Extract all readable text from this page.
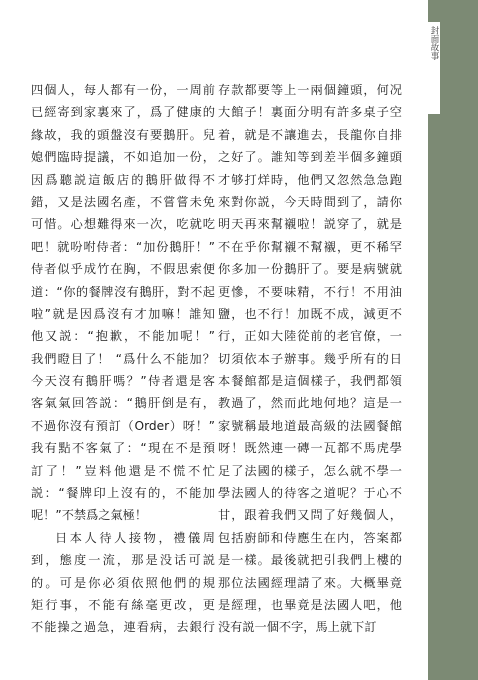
四個人，每人都有一份，一周前
已經寄到家裏來了，爲了健康的
緣故，我的頭盤沒有要鵝肝。兒
媳們臨時提議，不如追加一份，
因爲聽説這飯店的鵝肝做得不
錯，又是法國名產，不嘗嘗未免
可惜。心想難得來一次，吃就吃
吧！就吩咐侍者：“加份鵝肝！”
侍者似乎成竹在胸，不假思索便
道：“你的餐牌沒有鵝肝，對不起
啦”就是因爲沒有才加嘛！誰知
他又説：“抱歉，不能加呢！”
我們瞪目了！ “爲什么不能加？
今天沒有鵝肝嗎？”侍者還是客
客氣氣回答説：“鵝肝倒是有，
不過你沒有預訂（Order）呀！”
我有點不客氣了：“現在不是預
訂了！”豈料他還是不慌不忙
説：“餐牌印上沒有的，不能加
呢！”不禁爲之氣極！
日本人待人接物，禮儀周
到，態度一流，那是没话可説
的。可是你必須依照他們的規
矩行事，不能有絲毫更改，更
不能操之過急，連看病，去銀行
存款都要等上一兩個鐘頭，何况
大館子！裏面分明有許多桌子空
着，就是不讓進去，長龍你自排
之好了。誰知等到差半個多鐘頭
才够打烊時，他們又忽然急急跑
來對你説，今天時間到了，請你
明天再來幫襯啦！説穿了，就是
不在乎你幫襯不幫襯，更不稀罕
你多加一份鵝肝了。要是病號就
更慘，不要味精，不行！不用油
鹽，也不行！加既不成，減更不
行，正如大陸從前的老官僚，一
切須依本子辦事。幾乎所有的日
本餐館都是這個樣子，我們都領
教過了，然而此地何地？這是一
家號稱最地道最高級的法國餐館
呀！既然連一磚一瓦都不馬虎學
足了法國的樣子，怎么就不學一
學法國人的待客之道呢？于心不
甘，跟着我們又問了好幾個人，
包括廚師和侍應生在内，答案都
是一樣。最後就把引我們上樓的
那位法國經理請了來。大概畢竟
是經理，也畢竟是法國人吧，他
没有説一個不字，馬上就下訂
封面故事
COLUMNIST
